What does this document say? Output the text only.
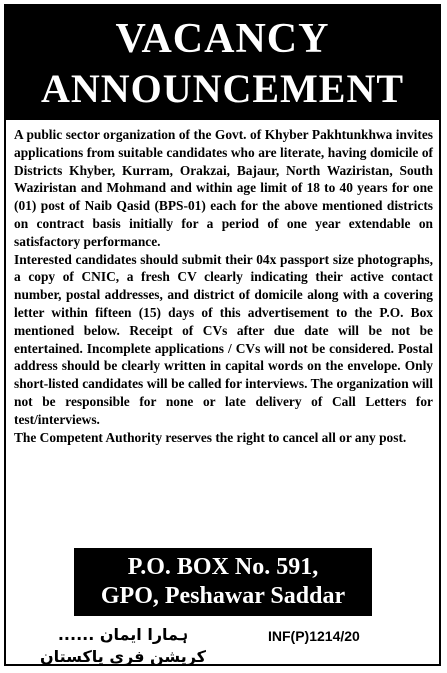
VACANCY
ANNOUNCEMENT

A public sector organization of the Govt. of Khyber Pakhtunkhwa invites applications from suitable candidates who are literate, having domicile of Districts Khyber, Kurram, Orakzai, Bajaur, North Waziristan, South Waziristan and Mohmand and within age limit of 18 to 40 years for one (01) post of Naib Qasid (BPS-01) each for the above mentioned districts on contract basis initially for a period of one year extendable on satisfactory performance.

Interested candidates should submit their 04x passport size photographs, a copy of CNIC, a fresh CV clearly indicating their active contact number, postal addresses, and district of domicile along with a covering letter within fifteen (15) days of this advertisement to the P.O. Box mentioned below. Receipt of CVs after due date will be not be entertained. Incomplete applications / CVs will not be considered. Postal address should be clearly written in capital words on the envelope. Only short-listed candidates will be called for interviews. The organization will not be responsible for none or late delivery of Call Letters for test/interviews.

The Competent Authority reserves the right to cancel all or any post.

P.O. BOX No. 591,
GPO, Peshawar Saddar
ہمارا ایمان ...... کرپشن فری پاکستان
INF(P)1214/20
